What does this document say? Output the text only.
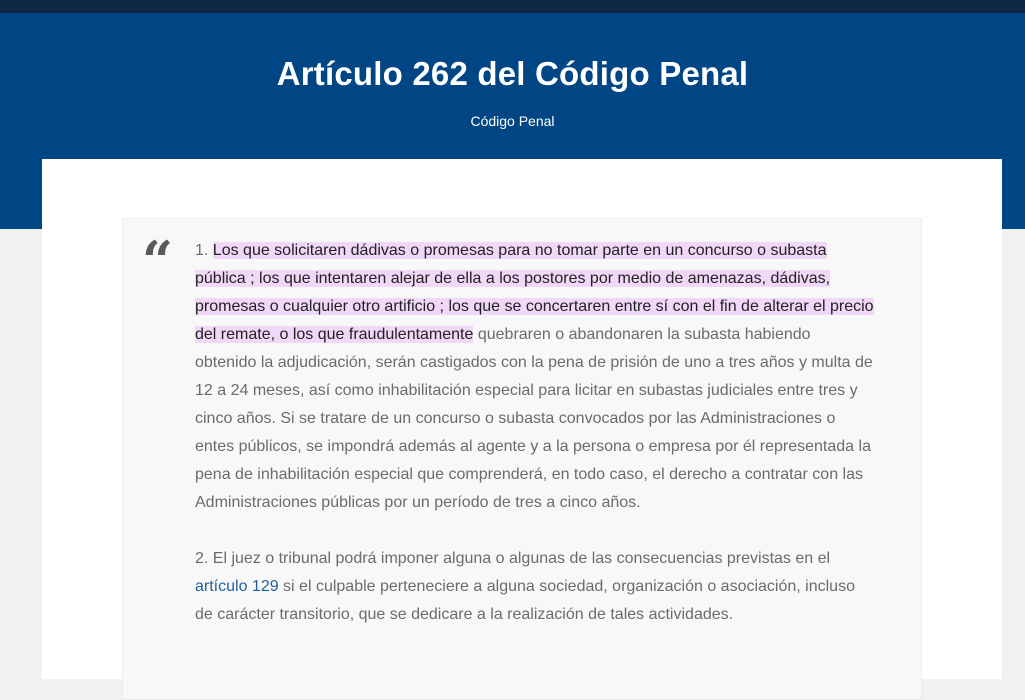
Artículo 262 del Código Penal
Código Penal
“ 1. Los que solicitaren dádivas o promesas para no tomar parte en un concurso o subasta pública ; los que intentaren alejar de ella a los postores por medio de amenazas, dádivas, promesas o cualquier otro artificio ; los que se concertaren entre sí con el fin de alterar el precio del remate, o los que fraudulentamente quebraren o abandonaren la subasta habiendo obtenido la adjudicación, serán castigados con la pena de prisión de uno a tres años y multa de 12 a 24 meses, así como inhabilitación especial para licitar en subastas judiciales entre tres y cinco años. Si se tratare de un concurso o subasta convocados por las Administraciones o entes públicos, se impondrá además al agente y a la persona o empresa por él representada la pena de inhabilitación especial que comprenderá, en todo caso, el derecho a contratar con las Administraciones públicas por un período de tres a cinco años.

2. El juez o tribunal podrá imponer alguna o algunas de las consecuencias previstas en el artículo 129 si el culpable perteneciere a alguna sociedad, organización o asociación, incluso de carácter transitorio, que se dedicare a la realización de tales actividades.
